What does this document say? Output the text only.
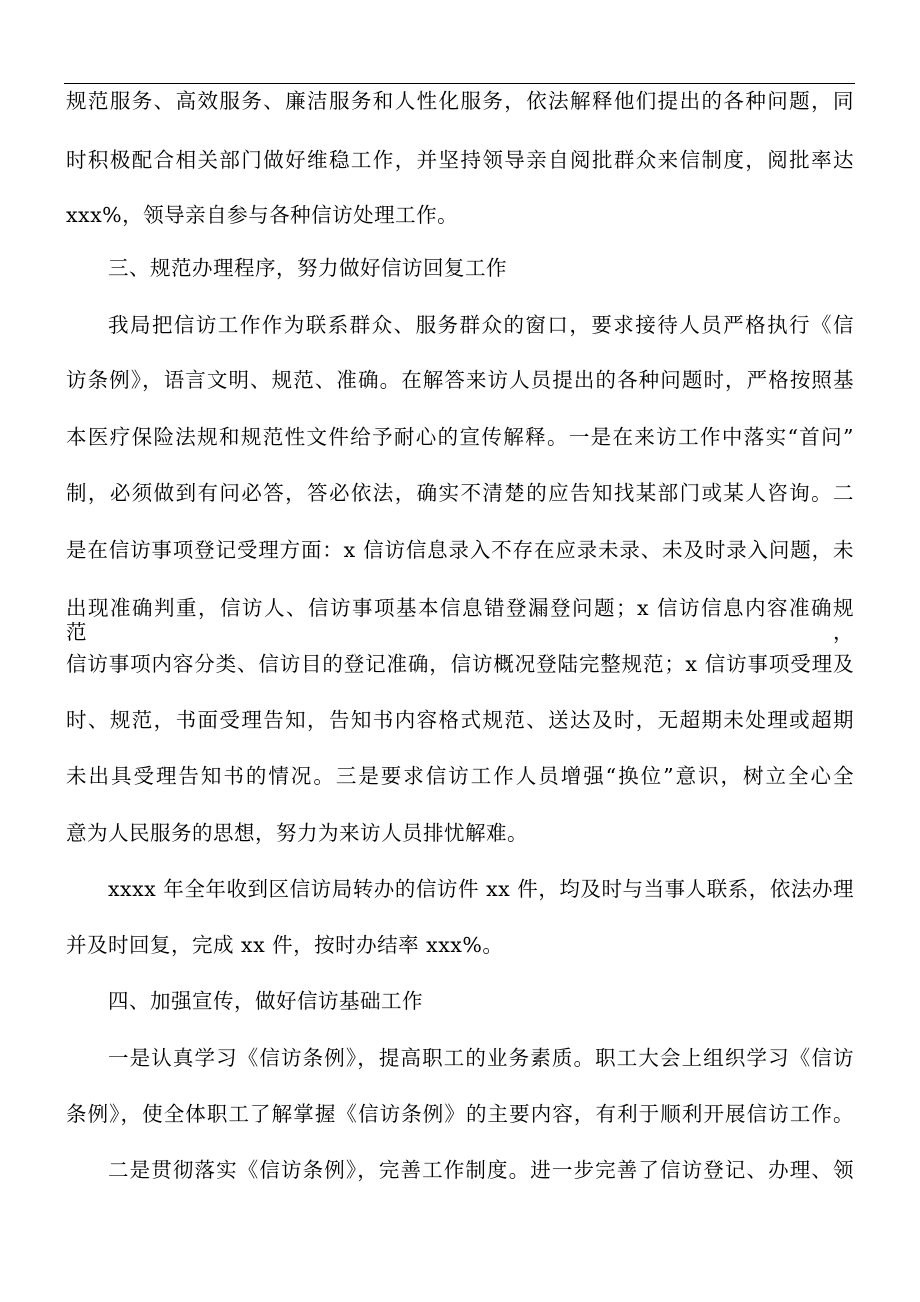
规范服务、高效服务、廉洁服务和人性化服务，依法解释他们提出的各种问题，同
时积极配合相关部门做好维稳工作，并坚持领导亲自阅批群众来信制度，阅批率达
xxx%，领导亲自参与各种信访处理工作。
三、规范办理程序，努力做好信访回复工作
我局把信访工作作为联系群众、服务群众的窗口，要求接待人员严格执行《信
访条例》，语言文明、规范、准确。在解答来访人员提出的各种问题时，严格按照基
本医疗保险法规和规范性文件给予耐心的宣传解释。一是在来访工作中落实“首问”
制，必须做到有问必答，答必依法，确实不清楚的应告知找某部门或某人咨询。二
是在信访事项登记受理方面：x 信访信息录入不存在应录未录、未及时录入问题，未
出现准确判重，信访人、信访事项基本信息错登漏登问题；x 信访信息内容准确规范，
信访事项内容分类、信访目的登记准确，信访概况登陆完整规范；x 信访事项受理及
时、规范，书面受理告知，告知书内容格式规范、送达及时，无超期未处理或超期
未出具受理告知书的情况。三是要求信访工作人员增强“换位”意识，树立全心全
意为人民服务的思想，努力为来访人员排忧解难。
xxxx 年全年收到区信访局转办的信访件 xx 件，均及时与当事人联系，依法办理
并及时回复，完成 xx 件，按时办结率 xxx%。
四、加强宣传，做好信访基础工作
一是认真学习《信访条例》，提高职工的业务素质。职工大会上组织学习《信访
条例》，使全体职工了解掌握《信访条例》的主要内容，有利于顺利开展信访工作。
二是贯彻落实《信访条例》，完善工作制度。进一步完善了信访登记、办理、领
